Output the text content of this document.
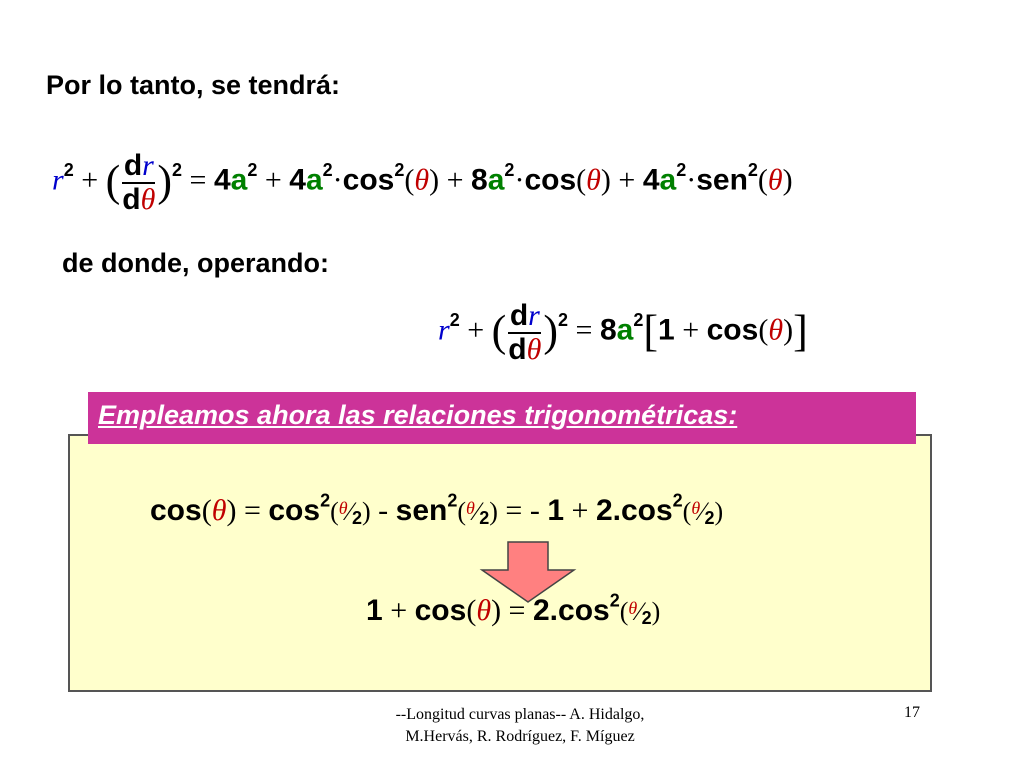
Por lo tanto, se tendrá:
$r^2$ + ( $\frac{dr}{d\theta} )^2 = 4a^2 + 4a^2\cdot\cos^2(\theta) + 8a^2\cdot\cos(\theta) + 4a^2\cdot sen^2(\theta)$
de donde, operando:
$r^2$ + ( $\frac{dr}{d\theta} )^2 = 8a^2[1 + \cos(\theta)]$
Empleamos ahora las relaciones trigonométricas:
$\cos(\theta) = \cos^2(^\theta⁄2)$ - sen$^2$($^\theta$⁄2) = - $1 + 2.\cos^2(^\theta⁄2)$
$1 + \cos(\theta) = 2.\cos^2(^\theta⁄2)$
--Longitud curvas planas-- A. Hidalgo, M.Hervás, R. Rodríguez, F. Míguez
17
